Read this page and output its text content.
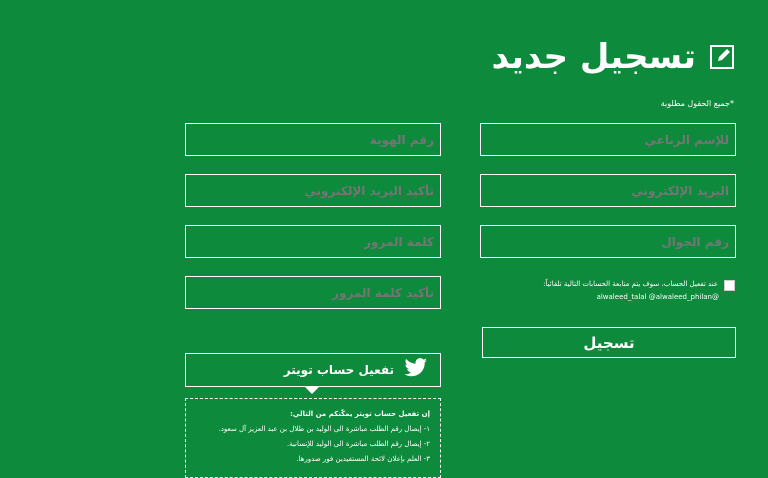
تسجيل جديد
*جميع الحقول مطلوبة
للإسم الرباعي
رقم الهوية
البريد الإلكتروني
تأكيد البريد الإلكتروني
رقم الجوال
كلمة المرور
تأكيد كلمة المرور
عند تفعيل الحساب، سوف يتم متابعة الحسابات التالية تلقائياً:
@alwaleed_talal @alwaleed_philan
تسجيل
تفعيل حساب تويتر
إن تفعيل حساب تويتر يمكّنكم من التالي:
١- إيصال رقم الطلب مباشرة الى الوليد بن طلال بن عبد العزيز آل سعود.
٢- إيصال رقم الطلب مباشرة الى الوليد للإنسانية.
٣- العلم بإعلان لائحة المستفيدين فور صدورها.
